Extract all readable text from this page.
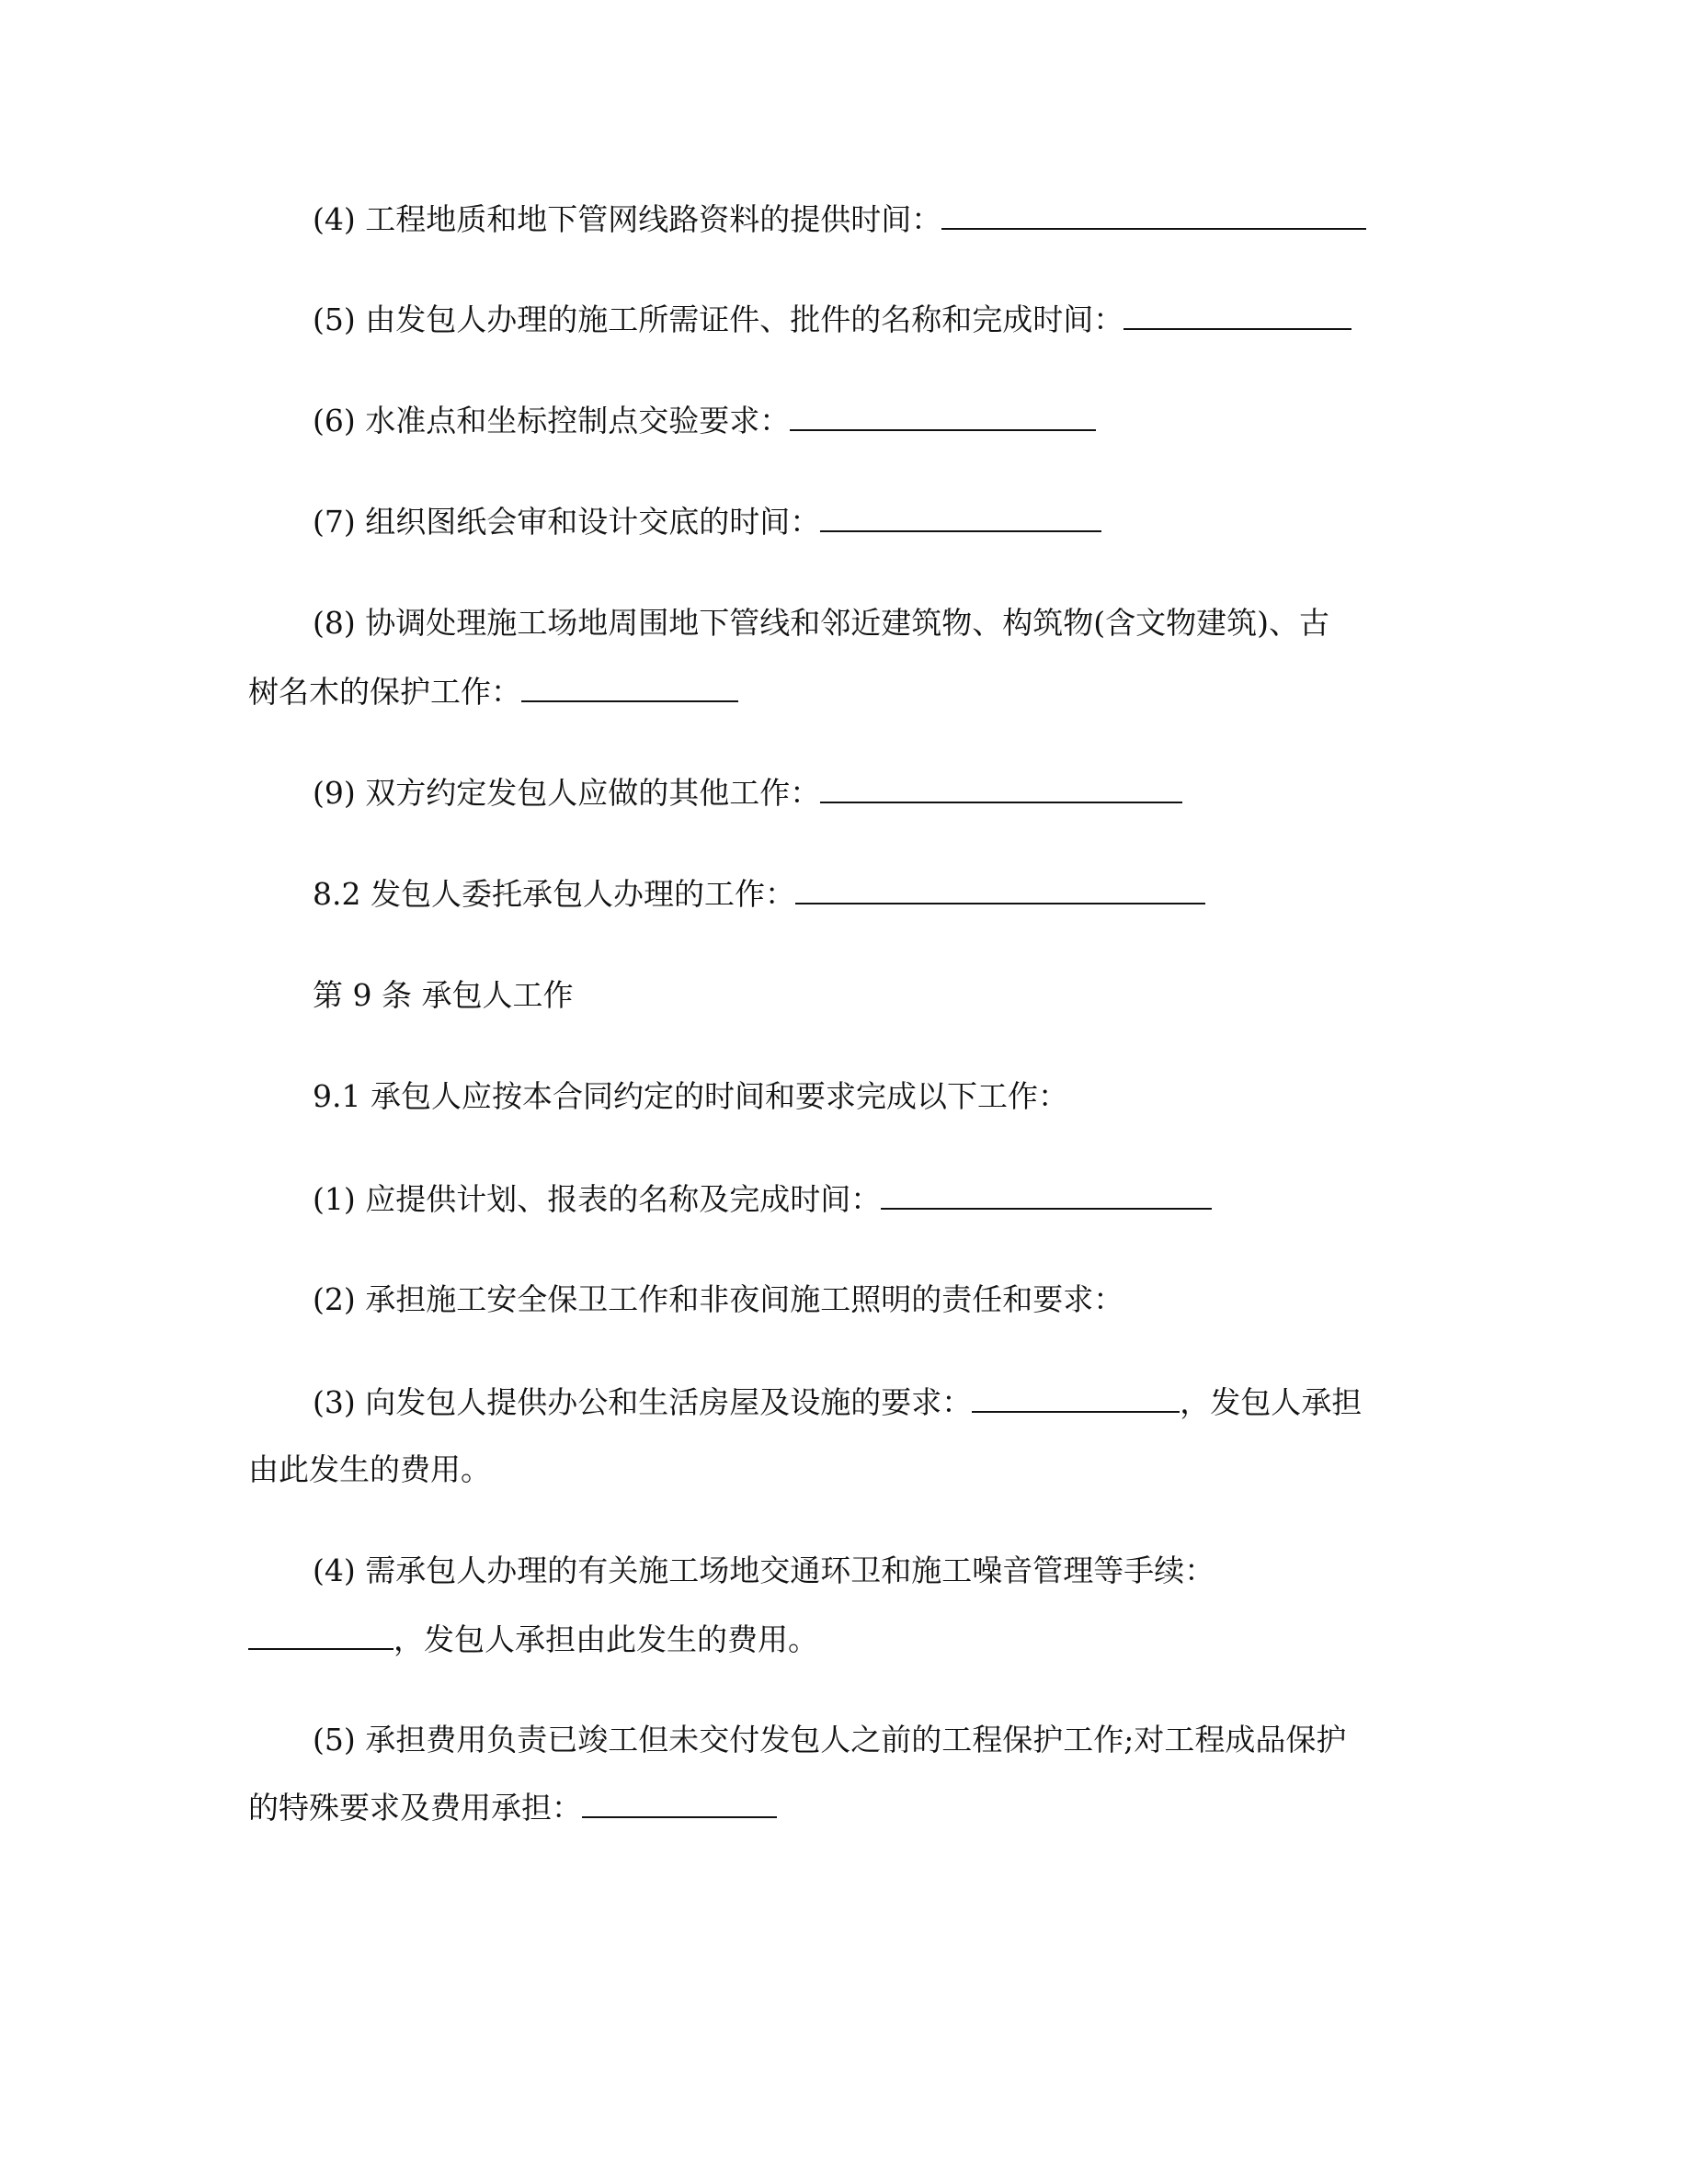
(4) 工程地质和地下管网线路资料的提供时间：
(5) 由发包人办理的施工所需证件、批件的名称和完成时间：
(6) 水准点和坐标控制点交验要求：
(7) 组织图纸会审和设计交底的时间：
(8) 协调处理施工场地周围地下管线和邻近建筑物、构筑物(含文物建筑)、古
树名木的保护工作：
(9) 双方约定发包人应做的其他工作：
8.2 发包人委托承包人办理的工作：
第 9 条 承包人工作
9.1 承包人应按本合同约定的时间和要求完成以下工作：
(1) 应提供计划、报表的名称及完成时间：
(2) 承担施工安全保卫工作和非夜间施工照明的责任和要求：
(3) 向发包人提供办公和生活房屋及设施的要求：	，发包人承担
由此发生的费用。
(4) 需承包人办理的有关施工场地交通环卫和施工噪音管理等手续：
，发包人承担由此发生的费用。
(5) 承担费用负责已竣工但未交付发包人之前的工程保护工作;对工程成品保护
的特殊要求及费用承担：
